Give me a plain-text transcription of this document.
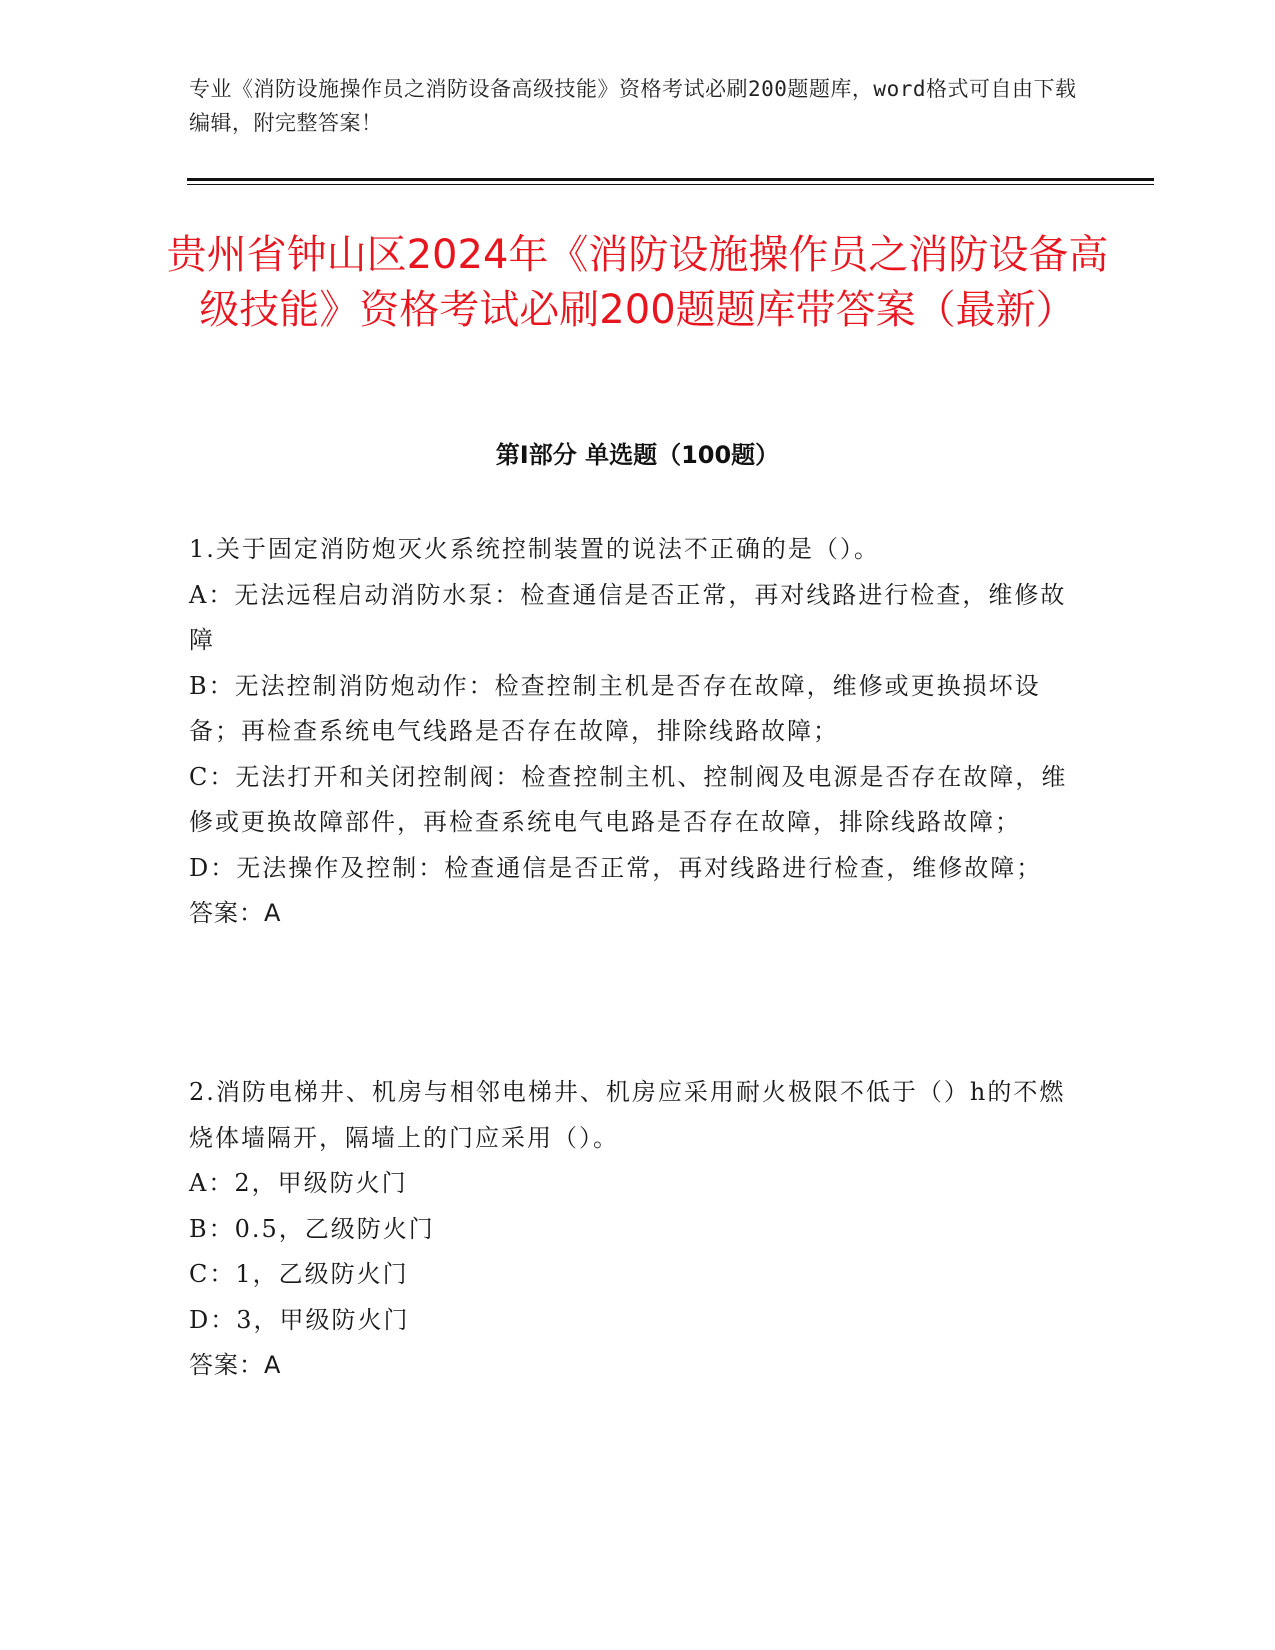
专业《消防设施操作员之消防设备高级技能》资格考试必刷200题题库，word格式可自由下载编辑，附完整答案！
贵州省钟山区2024年《消防设施操作员之消防设备高级技能》资格考试必刷200题题库带答案（最新）
第I部分 单选题（100题）
1.关于固定消防炮灭火系统控制装置的说法不正确的是（）。
A：无法远程启动消防水泵：检查通信是否正常，再对线路进行检查，维修故障
B：无法控制消防炮动作：检查控制主机是否存在故障，维修或更换损坏设备；再检查系统电气线路是否存在故障，排除线路故障；
C：无法打开和关闭控制阀：检查控制主机、控制阀及电源是否存在故障，维修或更换故障部件，再检查系统电气电路是否存在故障，排除线路故障；
D：无法操作及控制：检查通信是否正常，再对线路进行检查，维修故障；
答案：A
2.消防电梯井、机房与相邻电梯井、机房应采用耐火极限不低于（）h的不燃烧体墙隔开，隔墙上的门应采用（）。
A：2，甲级防火门
B：0.5，乙级防火门
C：1，乙级防火门
D：3，甲级防火门
答案：A
